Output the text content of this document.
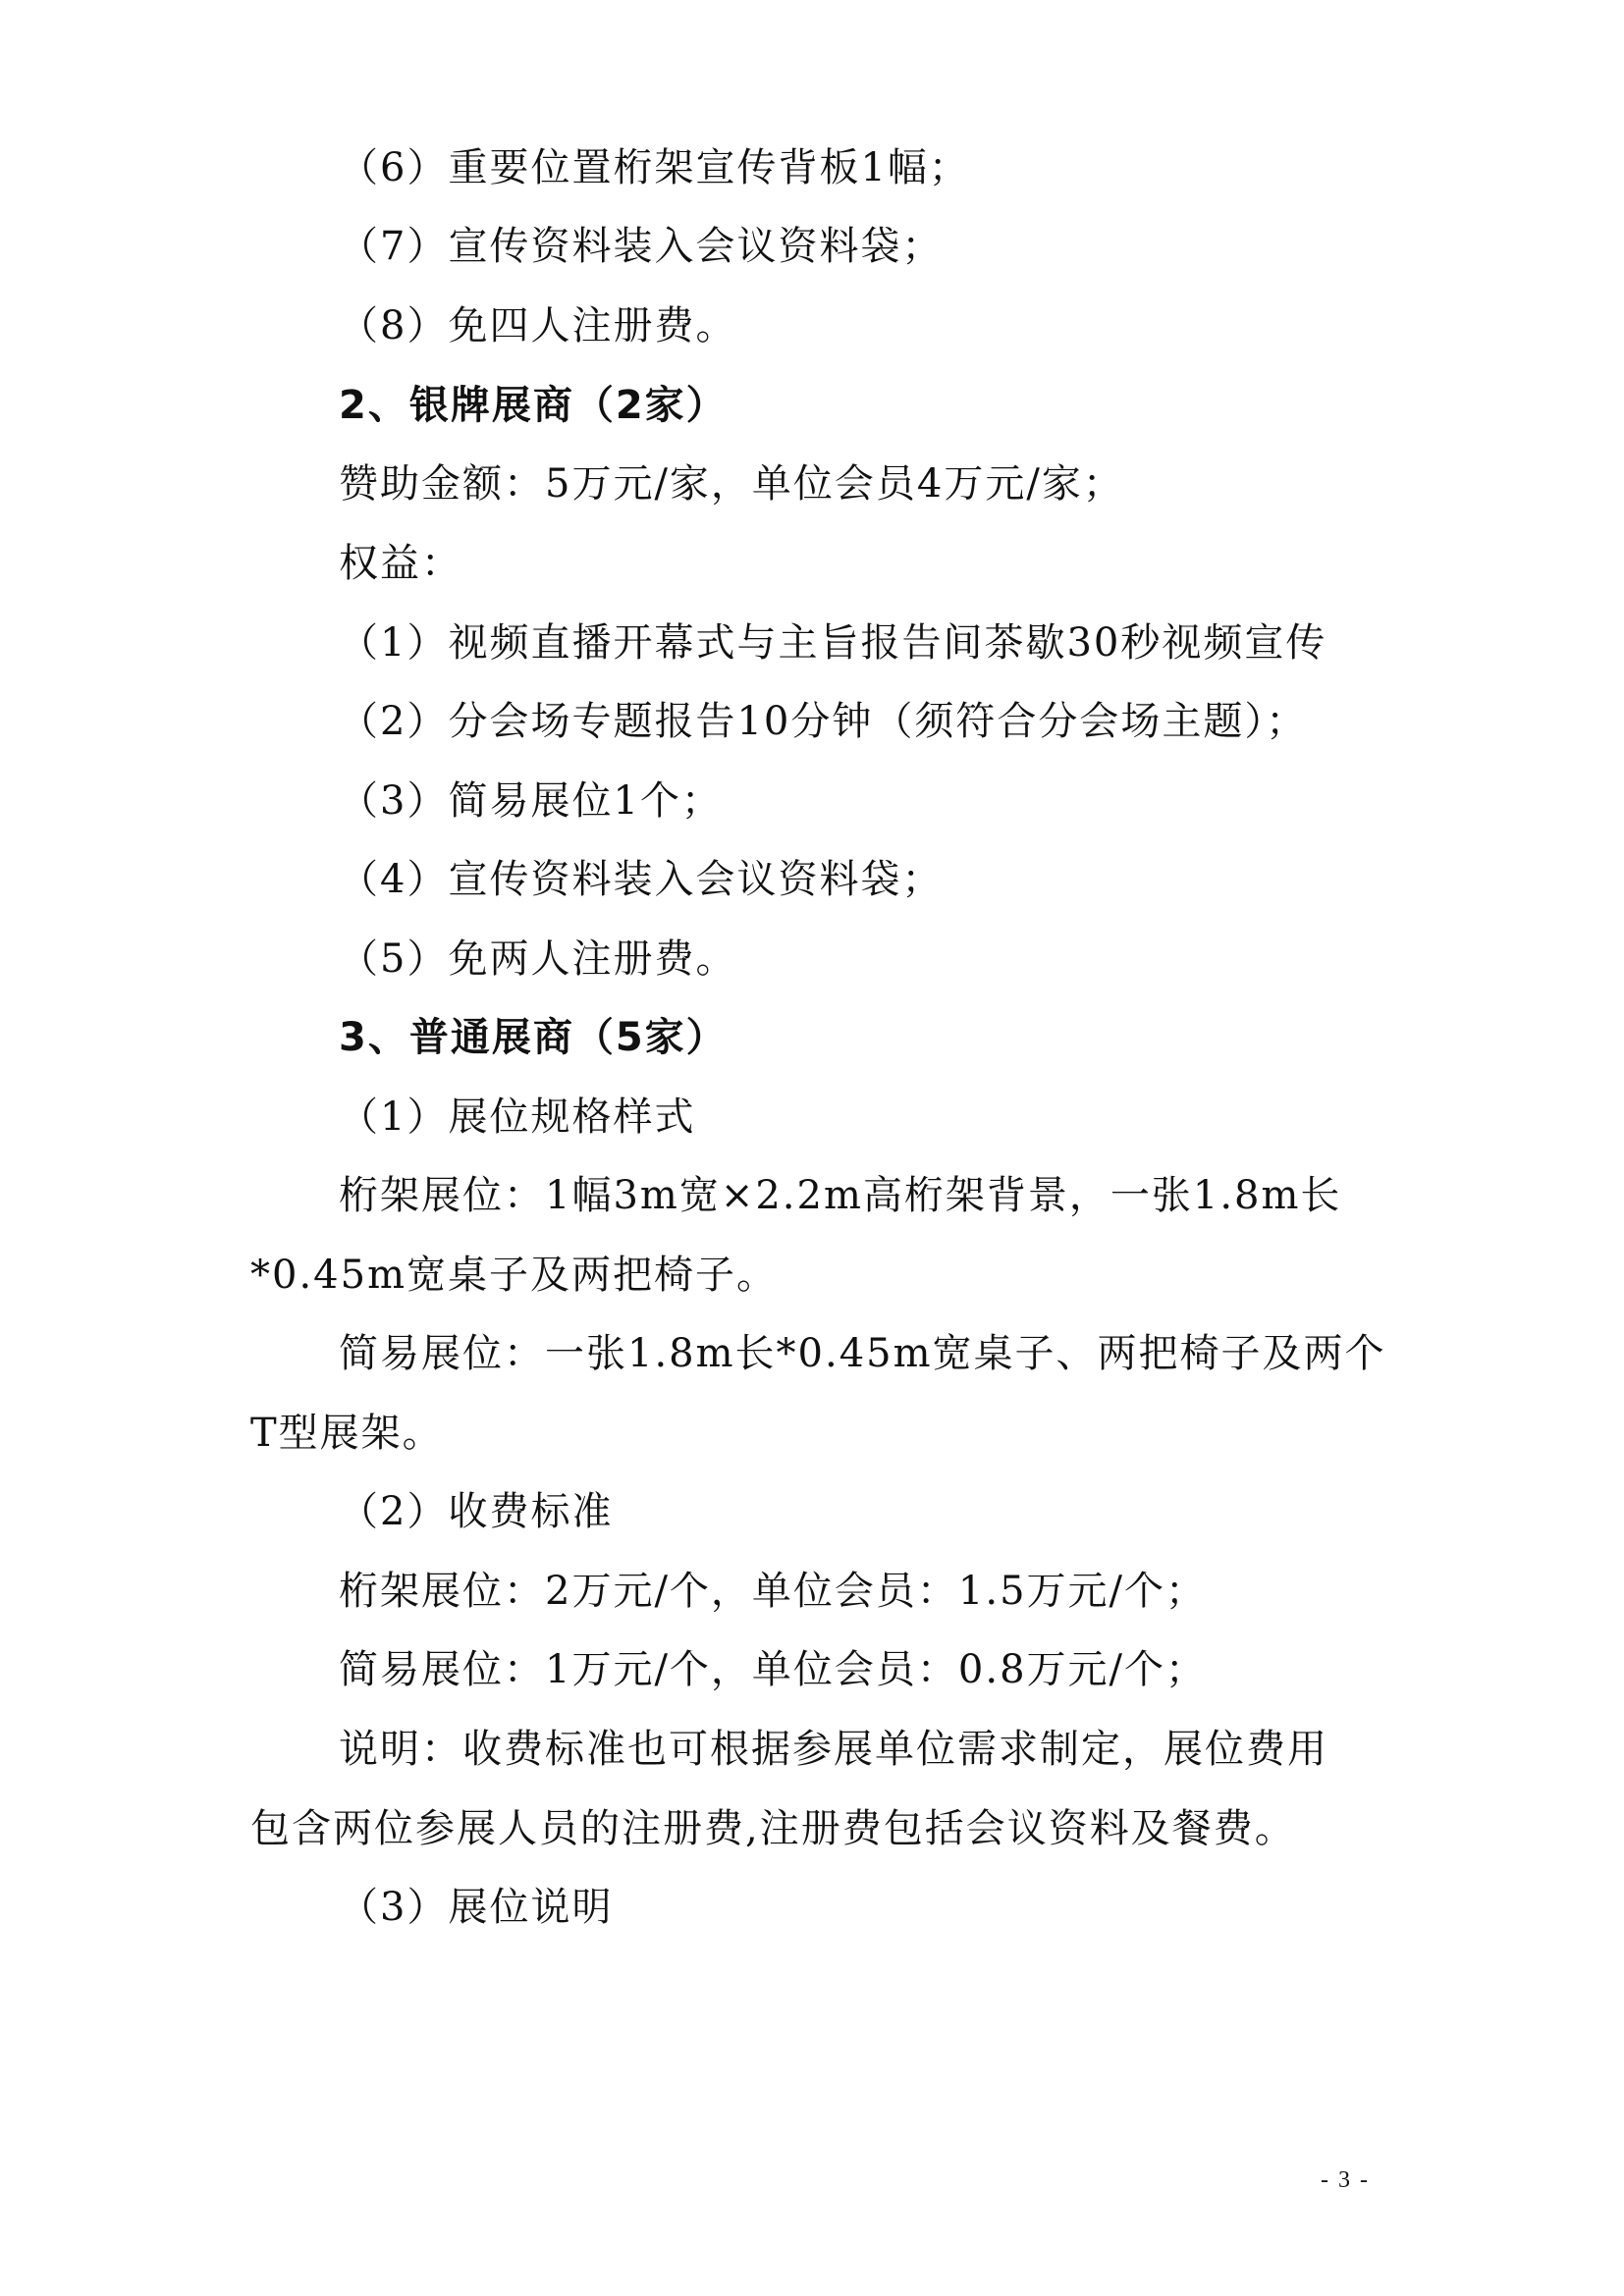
（6）重要位置桁架宣传背板1幅；
（7）宣传资料装入会议资料袋；
（8）免四人注册费。
2、银牌展商（2家）
赞助金额：5万元/家，单位会员4万元/家；
权益：
（1）视频直播开幕式与主旨报告间茶歇30秒视频宣传
（2）分会场专题报告10分钟（须符合分会场主题）；
（3）简易展位1个；
（4）宣传资料装入会议资料袋；
（5）免两人注册费。
3、普通展商（5家）
（1）展位规格样式
桁架展位：1幅3m宽×2.2m高桁架背景，一张1.8m长
*0.45m宽桌子及两把椅子。
简易展位：一张1.8m长*0.45m宽桌子、两把椅子及两个
T型展架。
（2）收费标准
桁架展位：2万元/个，单位会员：1.5万元/个；
简易展位：1万元/个，单位会员：0.8万元/个；
说明：收费标准也可根据参展单位需求制定，展位费用
包含两位参展人员的注册费,注册费包括会议资料及餐费。
（3）展位说明
- 3 -
